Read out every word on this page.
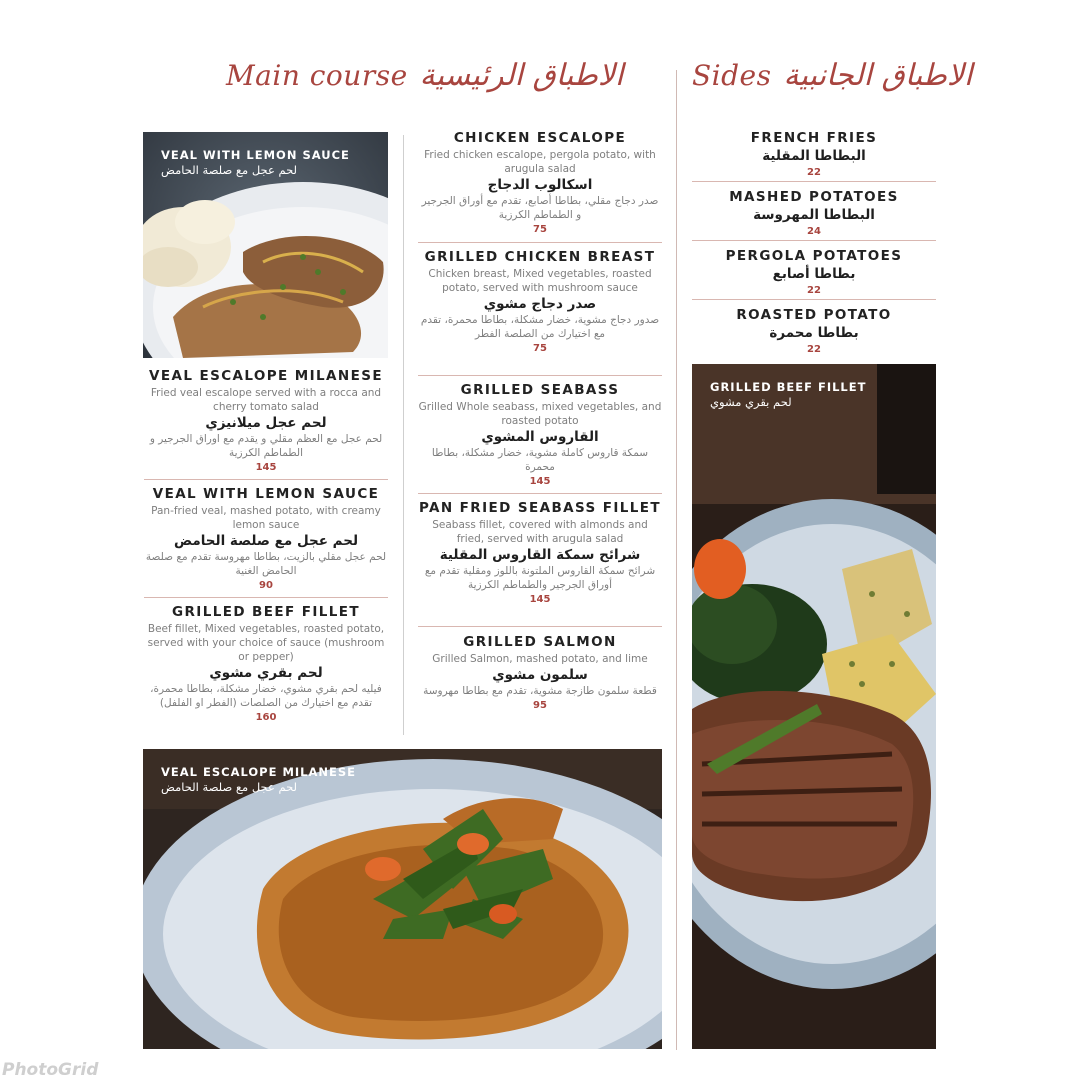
Main course الاطباق الرئيسية Sides الاطباق الجانبية
VEAL WITH LEMON SAUCE
لحم عجل مع صلصة الحامض
VEAL ESCALOPE MILANESE
Fried veal escalope served with a rocca and cherry tomato salad
لحم عجل ميلانيزي
لحم عجل مع العظم مقلي و يقدم مع اوراق الجرجير و الطماطم الكرزية
145
VEAL WITH LEMON SAUCE
Pan-fried veal, mashed potato, with creamy lemon sauce
لحم عجل مع صلصة الحامض
لحم عجل مقلي بالزيت، بطاطا مهروسة تقدم مع صلصة الحامض الغنية
90
GRILLED BEEF FILLET
Beef fillet, Mixed vegetables, roasted potato, served with your choice of sauce (mushroom or pepper)
لحم بقري مشوي
فيليه لحم بقري مشوي، خضار مشكلة، بطاطا محمرة، تقدم مع اختيارك من الصلصات (الفطر او الفلفل)
160
CHICKEN ESCALOPE
Fried chicken escalope, pergola potato, with arugula salad
اسكالوب الدجاج
صدر دجاج مقلي، بطاطا أصابع، تقدم مع أوراق الجرجير و الطماطم الكرزية
75
GRILLED CHICKEN BREAST
Chicken breast, Mixed vegetables, roasted potato, served with mushroom sauce
صدر دجاج مشوي
صدور دجاج مشوية، خضار مشكلة، بطاطا محمرة، تقدم مع اختيارك من الصلصة الفطر
75
GRILLED SEABASS
Grilled Whole seabass, mixed vegetables, and roasted potato
القاروس المشوي
سمكة قاروس كاملة مشوية، خضار مشكلة، بطاطا محمرة
145
PAN FRIED SEABASS FILLET
Seabass fillet, covered with almonds and fried, served with arugula salad
شرائح سمكة القاروس المقلية
شرائح سمكة القاروس الملتونة باللوز ومقلية تقدم مع أوراق الجرجير والطماطم الكرزية
145
GRILLED SALMON
Grilled Salmon, mashed potato, and lime
سلمون مشوي
قطعة سلمون طازجة مشوية، تقدم مع بطاطا مهروسة
95
VEAL ESCALOPE MILANESE
لحم عجل مع صلصة الحامض
FRENCH FRIES
البطاطا المقلية
22
MASHED POTATOES
البطاطا المهروسة
24
PERGOLA POTATOES
بطاطا أصابع
22
ROASTED POTATO
بطاطا محمرة
22
GRILLED BEEF FILLET
لحم بقري مشوي
PhotoGrid
